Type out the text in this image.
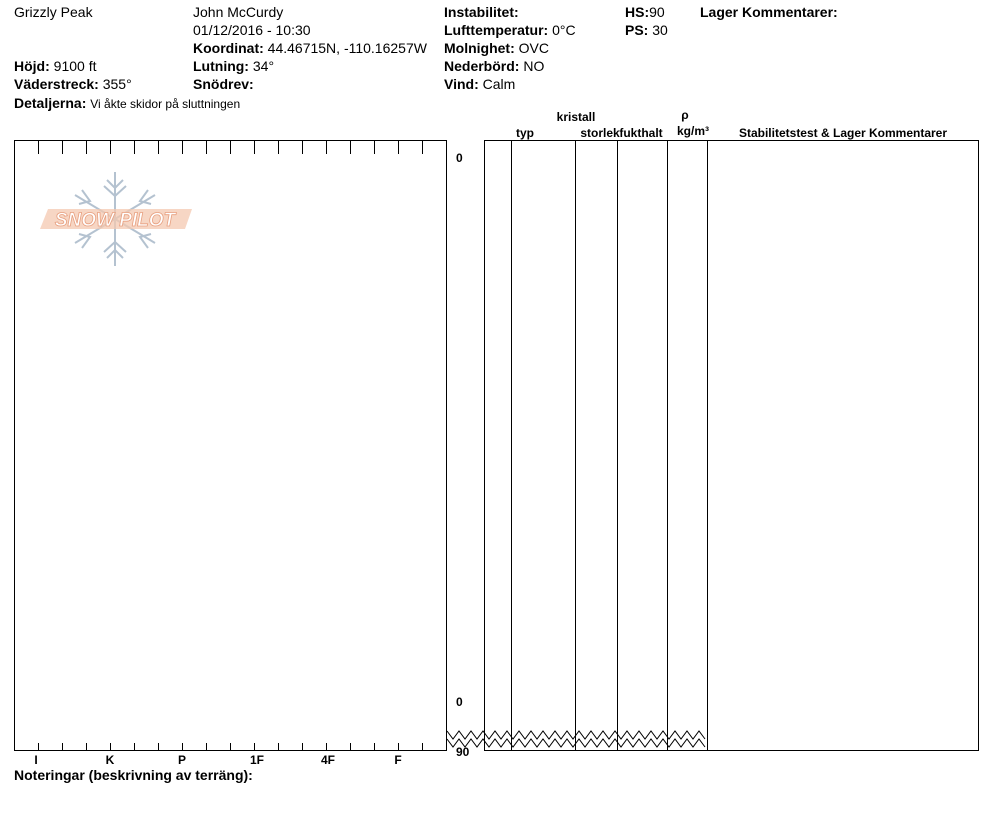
Grizzly Peak	John McCurdy
01/12/2016 - 10:30
Koordinat: 44.46715N, -110.16257W
Höjd: 9100 ft
Väderstreck: 355°
Detaljerna: Vi åkte skidor på sluttningen
Lutning: 34°
Snödrev:
Instabilitet:
Lufttemperatur: 0°C
Molnighet: OVC
Nederbörd: NO
Vind: Calm
HS:90
PS: 30
Lager Kommentarer:
kristall
typ	storlek fukthalt
ρ
kg/m³	Stabilitetstest & Lager Kommentarer
0
0
90
SNOW PILOT
I	K	P	1F	4F	F
Noteringar (beskrivning av terräng):
